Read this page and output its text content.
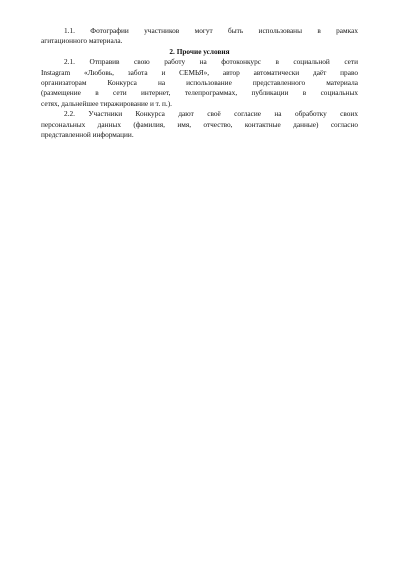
1.1. Фотографии участников могут быть использованы в рамках
агитационного материала.
2. Прочие условия
2.1. Отправив свою работу на фотоконкурс в социальной сети
Instagram «Любовь, забота и СЕМЬЯ», автор автоматически даёт право
организаторам Конкурса на использование представленного материала
(размещение в сети интернет, телепрограммах, публикации в социальных
сетях, дальнейшее тиражирование и т. п.).
2.2. Участники Конкурса дают своё согласие на обработку своих
персональных данных (фамилия, имя, отчество, контактные данные) согласно
представленной информации.
